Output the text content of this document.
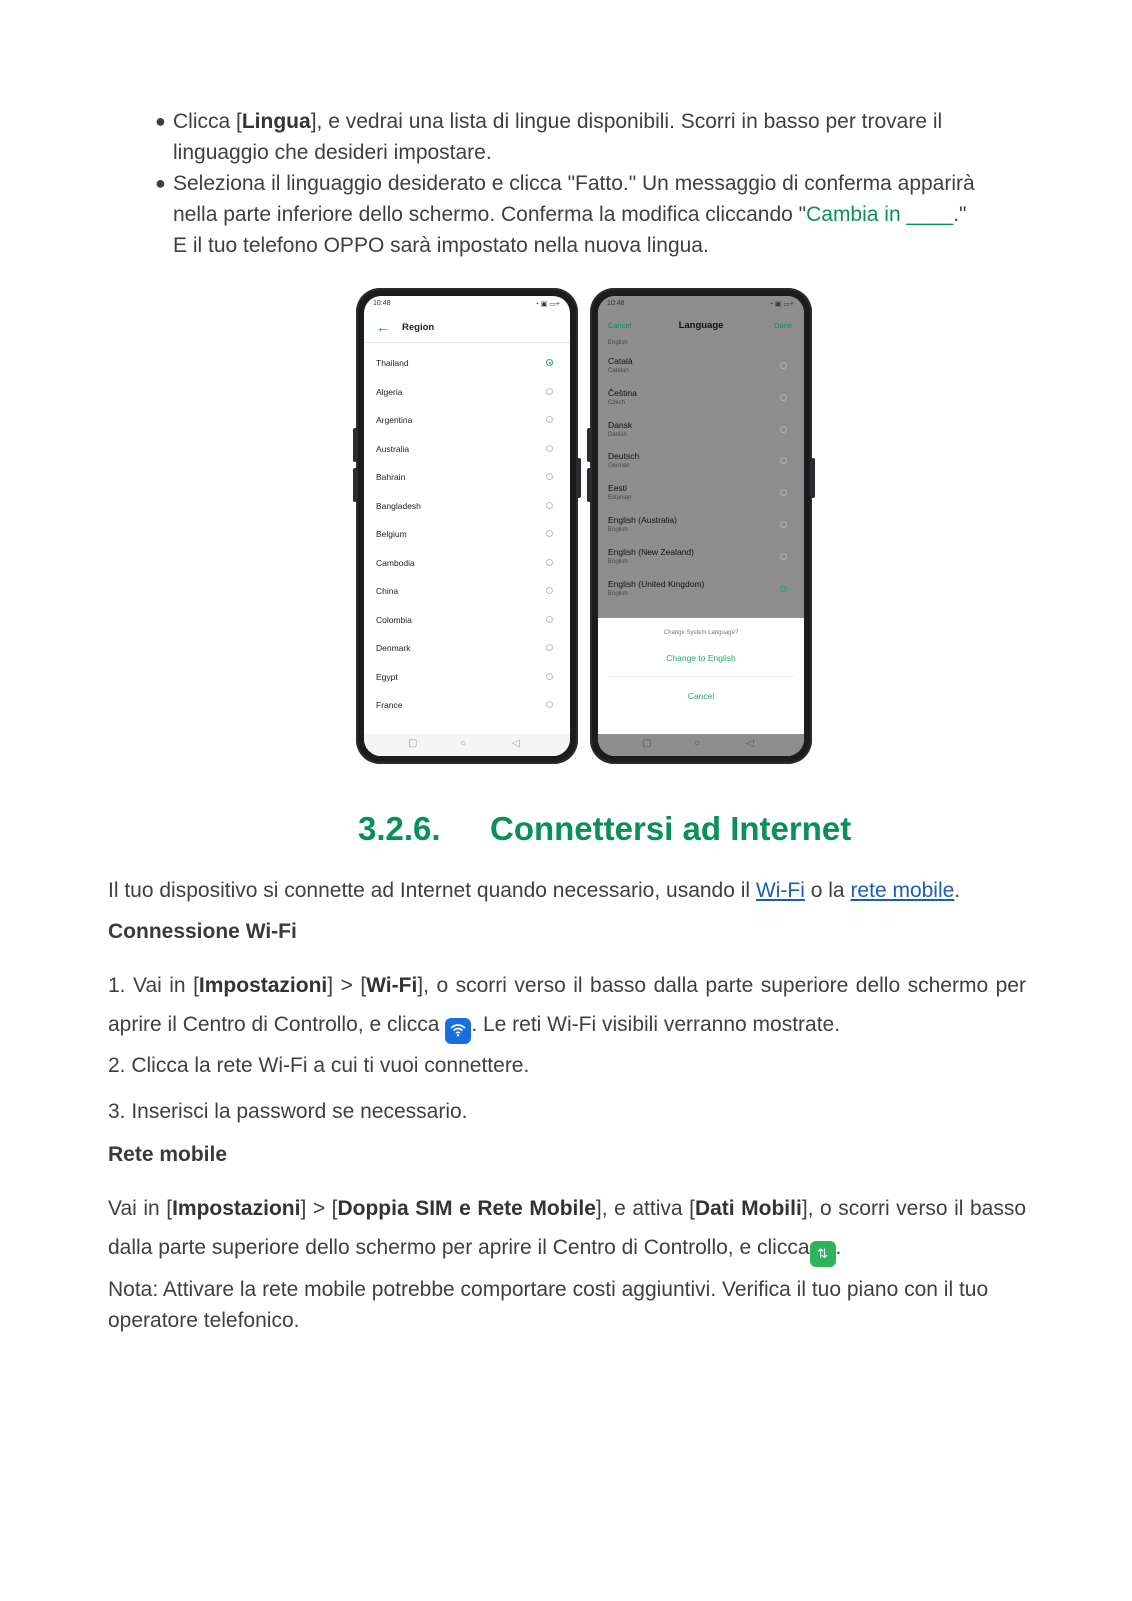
● Clicca [Lingua], e vedrai una lista di lingue disponibili. Scorri in basso per trovare il linguaggio che desideri impostare.
● Seleziona il linguaggio desiderato e clicca "Fatto." Un messaggio di conferma apparirà nella parte inferiore dello schermo. Conferma la modifica cliccando "Cambia in ____." E il tuo telefono OPPO sarà impostato nella nuova lingua.
10:48	◔ ▣ ▭+
← Region
Thailand
Algeria
Argentina
Australia
Bahrain
Bangladesh
Belgium
Cambodia
China
Colombia
Denmark
Egypt
France
▢	○	◁
10:48	◔ ▣ ▭+
Cancel	Language	Done
English
Català
Catalan
Čeština
Czech
Dansk
Danish
Deutsch
German
Eesti
Estonian
English (Australia)
English
English (New Zealand)
English
English (United Kingdom)
English
Change System Language?
Change to English
Cancel
▢	○	◁
3.2.6. Connettersi ad Internet
Il tuo dispositivo si connette ad Internet quando necessario, usando il Wi-Fi o la rete mobile.
Connessione Wi-Fi
1. Vai in [Impostazioni] > [Wi-Fi], o scorri verso il basso dalla parte superiore dello schermo per aprire il Centro di Controllo, e clicca . Le reti Wi-Fi visibili verranno mostrate.
2. Clicca la rete Wi-Fi a cui ti vuoi connettere.
3. Inserisci la password se necessario.
Rete mobile
Vai in [Impostazioni] > [Doppia SIM e Rete Mobile], e attiva [Dati Mobili], o scorri verso il basso dalla parte superiore dello schermo per aprire il Centro di Controllo, e clicca ⇅ .
Nota: Attivare la rete mobile potrebbe comportare costi aggiuntivi. Verifica il tuo piano con il tuo operatore telefonico.
